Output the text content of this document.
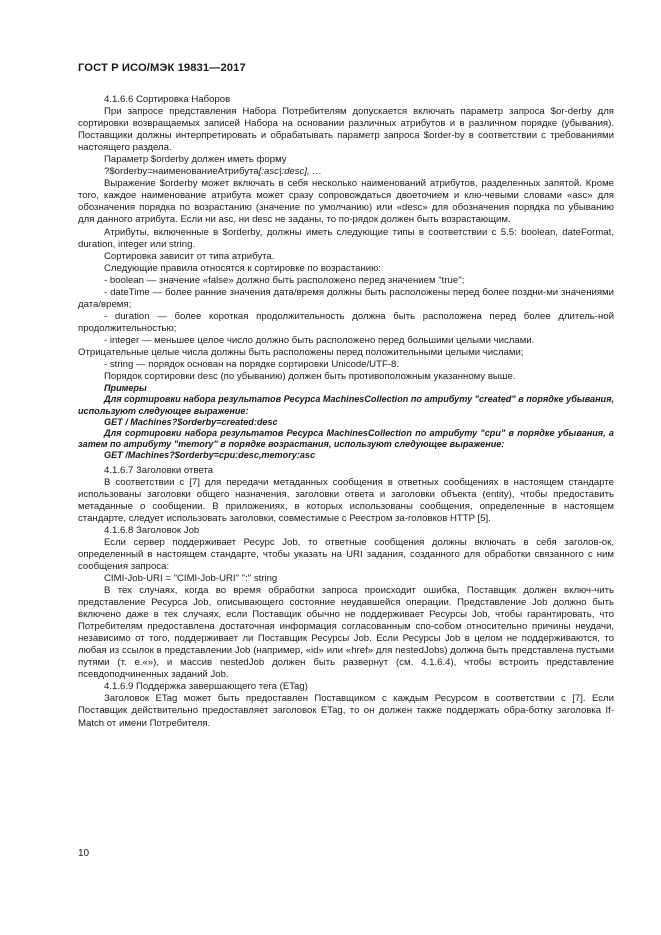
ГОСТ Р ИСО/МЭК 19831—2017

4.1.6.6 Сортировка Наборов

При запросе представления Набора Потребителям допускается включать параметр запроса $or-derby для сортировки возвращаемых записей Набора на основании различных атрибутов и в различном порядке (убывания). Поставщики должны интерпретировать и обрабатывать параметр запроса $order-by в соответствии с требованиями настоящего раздела.

Параметр $orderby должен иметь форму

?$orderby=наименованиеАтрибута[:asc|:desc], …

Выражение $orderby может включать в себя несколько наименований атрибутов, разделенных запятой. Кроме того, каждое наименование атрибута может сразу сопровождаться двоеточием и клю-чевыми словами «asc» для обозначения порядка по возрастанию (значение по умолчанию) или «desc» для обозначения порядка по убыванию для данного атрибута. Если ни asc, ни desc не заданы, то по-рядок должен быть возрастающим.

Атрибуты, включенные в $orderby, должны иметь следующие типы в соответствии с 5.5: boolean, dateFormat, duration, integer или string.

Сортировка зависит от типа атрибута.

Следующие правила относятся к сортировке по возрастанию:

- boolean — значение «false» должно быть расположено перед значением "true";

- dateTime — более ранние значения дата/время должны быть расположены перед более поздни-ми значениями дата/время;

- duration — более короткая продолжительность должна быть расположена перед более длитель-ной продолжительностью;

- integer — меньшее целое число должно быть расположено перед большими целыми числами.

Отрицательные целые числа должны быть расположены перед положительными целыми числами;

- string — порядок основан на порядке сортировки Unicode/UTF-8.

Порядок сортировки desc (по убыванию) должен быть противоположным указанному выше.

Примеры

Для сортировки набора результатов Ресурса MachinesCollection по атрибуту "created" в порядке убывания, используют следующее выражение:

GET / Machines?$orderby=created:desc

Для сортировки набора результатов Ресурса MachinesCollection по атрибуту "cpu" в порядке убывания, а затем по атрибуту "memory" в порядке возрастания, используют следующее выражение:

GET /Machines?$orderby=cpu:desc,memory:asc

4.1.6.7 Заголовки ответа

В соответствии с [7] для передачи метаданных сообщения в ответных сообщениях в настоящем стандарте использованы заголовки общего назначения, заголовки ответа и заголовки объекта (entity), чтобы предоставить метаданные о сообщении. В приложениях, в которых использованы сообщения, определенные в настоящем стандарте, следует использовать заголовки, совместимые с Реестром за-головков HTTP [5].

4.1.6.8 Заголовок Job

Если сервер поддерживает Ресурс Job, то ответные сообщения должны включать в себя заголов-ок, определенный в настоящем стандарте, чтобы указать на URI задания, созданного для обработки связанного с ним сообщения запроса:

CIMI-Job-URI = "CIMI-Job-URI" ":" string

В тех случаях, когда во время обработки запроса происходит ошибка, Поставщик должен включ-чить представление Ресурса Job, описывающего состояние неудавшейся операции. Представление Job должно быть включено даже в тех случаях, если Поставщик обычно не поддерживает Ресурсы Job, чтобы гарантировать, что Потребителям предоставлена достаточная информация согласованным спо-собом относительно причины неудачи, независимо от того, поддерживает ли Поставщик Ресурсы Job. Если Ресурсы Job в целом не поддерживаются, то любая из ссылок в представлении Job (например, «id» или «href» для nestedJobs) должна быть представлена пустыми путями (т. е.«»), и массив nestedJob должен быть развернут (см. 4.1.6.4), чтобы встроить представление псевдоподчиненных заданий Job.

4.1.6.9 Поддержка завершающего тега (ETag)

Заголовок ETag может быть предоставлен Поставщиком с каждым Ресурсом в соответствии с [7]. Если Поставщик действительно предоставляет заголовок ETag, то он должен также поддержать обра-ботку заголовка If-Match от имени Потребителя.

10
